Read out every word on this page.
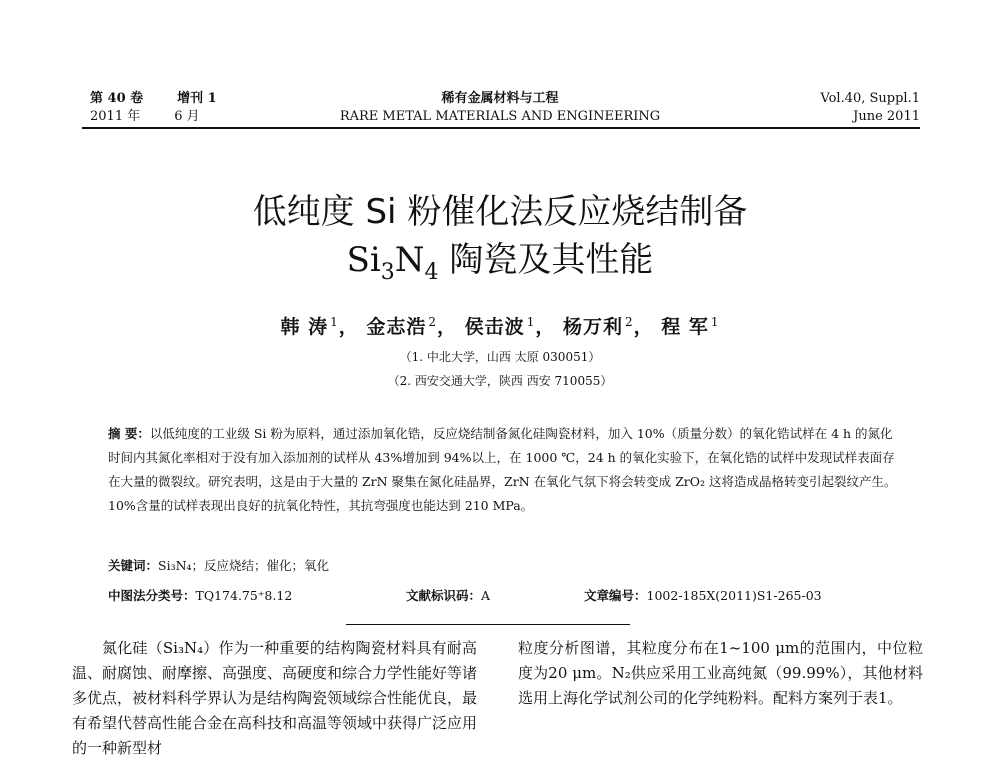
第 40 卷	增刊 1
2011 年	6 月
稀有金属材料与工程
RARE METAL MATERIALS AND ENGINEERING
Vol.40, Suppl.1
June 2011
低纯度 Si 粉催化法反应烧结制备
$Si_3N_4$ 陶瓷及其性能
韩 涛 $^1$， 金志浩 $^2$， 侯击波 $^1$， 杨万利 $^2$， 程 军 $^1$
（1. 中北大学，山西 太原 030051）
（2. 西安交通大学，陕西 西安 710055）
摘 要：以低纯度的工业级 Si 粉为原料，通过添加氧化锆，反应烧结制备氮化硅陶瓷材料，加入 10%（质量分数）的氧化锆试样在 4 h 的氮化时间内其氮化率相对于没有加入添加剂的试样从 43%增加到 94%以上，在 1000 ℃，24 h 的氧化实验下，在氧化锆的试样中发现试样表面存在大量的微裂纹。研究表明，这是由于大量的 ZrN 聚集在氮化硅晶界，ZrN 在氧化气氛下将会转变成 ZrO₂ 这将造成晶格转变引起裂纹产生。10%含量的试样表现出良好的抗氧化特性，其抗弯强度也能达到 210 MPa。
关键词：Si₃N₄；反应烧结；催化；氧化
中图法分类号：TQ174.75⁺8.12	文献标识码：A	文章编号：1002-185X(2011)S1-265-03
氮化硅（Si₃N₄）作为一种重要的结构陶瓷材料具有耐高温、耐腐蚀、耐摩擦、高强度、高硬度和综合力学性能好等诸多优点，被材料科学界认为是结构陶瓷领域综合性能优良，最有希望代替高性能合金在高科技和高温等领域中获得广泛应用的一种新型材
粒度分析图谱，其粒度分布在1~100 μm的范围内，中位粒度为20 μm。N₂供应采用工业高纯氮（99.99%），其他材料选用上海化学试剂公司的化学纯粉料。配料方案列于表1。
